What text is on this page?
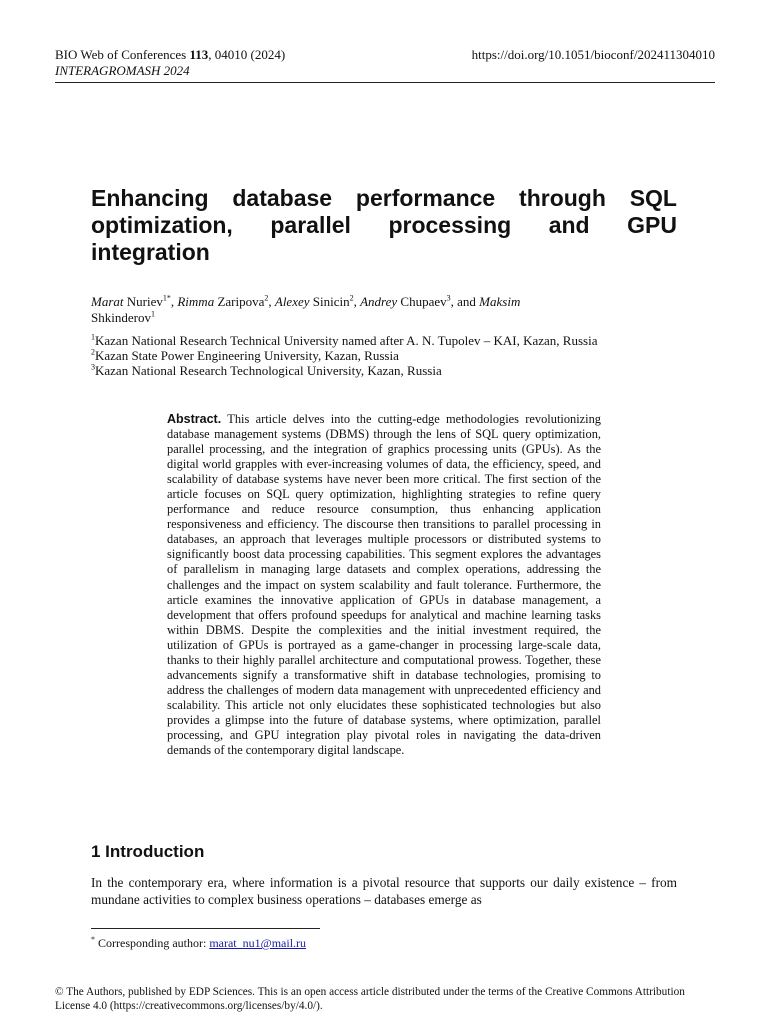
BIO Web of Conferences 113, 04010 (2024)
INTERAGROMASH 2024
https://doi.org/10.1051/bioconf/202411304010
Enhancing database performance through SQL optimization, parallel processing and GPU integration
Marat Nuriev$^{1*}$, Rimma Zaripova$^2$, Alexey Sinicin$^2$, Andrey Chupaev$^3$, and Maksim
Shkinderov$^1$
$^1$Kazan National Research Technical University named after A. N. Tupolev – KAI, Kazan, Russia
$^2$Kazan State Power Engineering University, Kazan, Russia
$^3$Kazan National Research Technological University, Kazan, Russia

Abstract. This article delves into the cutting-edge methodologies revolutionizing database management systems (DBMS) through the lens of SQL query optimization, parallel processing, and the integration of graphics processing units (GPUs). As the digital world grapples with ever-increasing volumes of data, the efficiency, speed, and scalability of database systems have never been more critical. The first section of the article focuses on SQL query optimization, highlighting strategies to refine query performance and reduce resource consumption, thus enhancing application responsiveness and efficiency. The discourse then transitions to parallel processing in databases, an approach that leverages multiple processors or distributed systems to significantly boost data processing capabilities. This segment explores the advantages of parallelism in managing large datasets and complex operations, addressing the challenges and the impact on system scalability and fault tolerance. Furthermore, the article examines the innovative application of GPUs in database management, a development that offers profound speedups for analytical and machine learning tasks within DBMS. Despite the complexities and the initial investment required, the utilization of GPUs is portrayed as a game-changer in processing large-scale data, thanks to their highly parallel architecture and computational prowess. Together, these advancements signify a transformative shift in database technologies, promising to address the challenges of modern data management with unprecedented efficiency and scalability. This article not only elucidates these sophisticated technologies but also provides a glimpse into the future of database systems, where optimization, parallel processing, and GPU integration play pivotal roles in navigating the data-driven demands of the contemporary digital landscape.

1 Introduction

In the contemporary era, where information is a pivotal resource that supports our daily existence – from mundane activities to complex business operations – databases emerge as

* Corresponding author: marat_nu1@mail.ru
© The Authors, published by EDP Sciences. This is an open access article distributed under the terms of the Creative Commons Attribution License 4.0 (https://creativecommons.org/licenses/by/4.0/).
